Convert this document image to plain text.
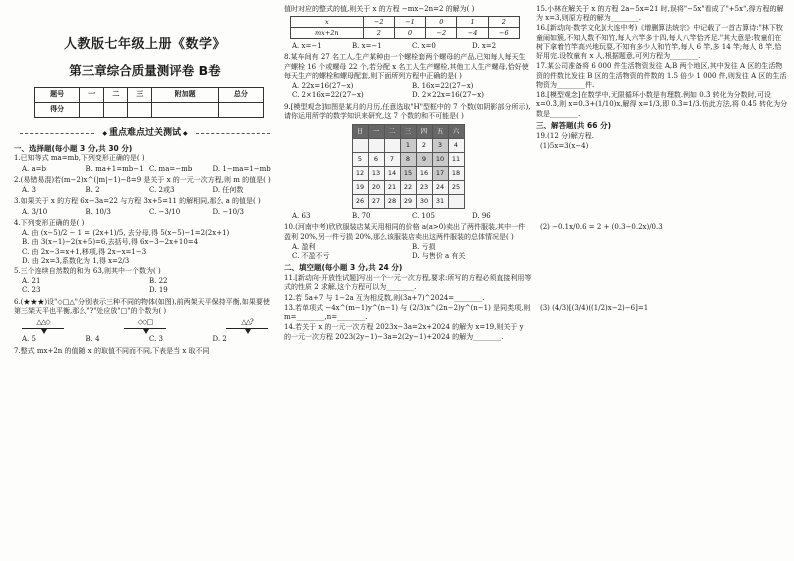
人教版七年级上册《数学》
第三章综合质量测评卷 B卷
题号	一	二	三	附加题	总分
得分					
◆ 重点难点过关测试 ◆
一、选择题(每小题 3 分,共 30 分)
1.已知等式 ma=mb,下列变形正确的是( )
A. a=b	B. ma+1=mb−1 C. ma=−mb	D. 1−ma=1−mb
2.(易错易混)若(m−2)x^(|m|−1)−8=9 是关于 x 的一元一次方程,则 m 的值是( )
A. 3	B. 2	C. 2或3	D. 任何数
3.如果关于 x 的方程 6x−3a=22 与方程 3x+5=11 的解相同,那么 a 的值是( )
A. 3/10	B. 10/3	C. −3/10	D. −10/3
4.下列变形正确的是( )
A. 由 (x−5)/2 − 1 = (2x+1)/5, 去分母,得 5(x−5)−1=2(2x+1)
B. 由 3(x−1)−2(x+5)=6,去括号,得 6x−3−2x+10=4
C. 由 2x−3=x+1,移项,得 2x−x=1−3
D. 由 2x=3,系数化为 1,得 x=2/3
5.三个连续自然数的和为 63,则其中一个数为( )
A. 21	B. 22
C. 23	D. 19
6.(★★★)设"◇□△"分别表示三种不同的物体(如图),前两架天平保持平衡,如果要使第三架天平也平衡,那么"?"处应放"□"的个数为( )
△△◇	◇◇□	△△?
A. 5	B. 4	C. 3	D. 2
7.整式 mx+2n 的值随 x 的取值不同而不同,下表是当 x 取不同
值时对应的整式的值,则关于 x 的方程 −mx−2n=2 的解为( )
x	−2	−1	0	1	2
mx+2n	2	0	−2	−4	−6
A. x=−1	B. x=−1	C. x=0	D. x=2
8.某车间有 27 名工人,生产某种由一个螺栓套两个螺母的产品,已知每人每天生产螺栓 16 个或螺母 22 个,若分配 x 名工人生产螺栓,其他工人生产螺母,恰好使每天生产的螺栓和螺母配套,则下面所列方程中正确的是( )
A. 22x=16(27−x)	B. 16x=22(27−x)
C. 2×16x=22(27−x)	D. 2×22x=16(27−x)
9.[模型观念]如图是某月的月历,任意选取"H"型框中的 7 个数(如阴影部分所示),请你运用所学的数学知识来研究,这 7 个数的和不可能是( )
日	一	二	三	四	五	六
			1	2	3	4
5	6	7	8	9	10	11
12	13	14	15	16	17	18
19	20	21	22	23	24	25
26	27	28	29	30	31	
A. 63	B. 70	C. 105	D. 96
10.(河南中考)欣欣服装店某天用相同的价格 a(a>0)卖出了两件服装,其中一件盈利 20%,另一件亏损 20%,那么该服装店卖出这两件服装的总体情况是( )
A. 盈利	B. 亏损
C. 不盈不亏	D. 与售价 a 有关
二、填空题(每小题 3 分,共 24 分)
11.[新动向·开放性试题]写出一个一元一次方程,要求:所写的方程必须直接利用等式的性质 2 求解,这个方程可以为________.
12.若 5a+7 与 1−2a 互为相反数,则(3a+7)^2024=________.
13.若单项式 −4x^(m−1)y^(n−1) 与 (2/3)x^(2n−2)y^(n−1) 是同类项,则 m=________,n=________.
14.若关于 x 的一元一次方程 2023x−3a=2x+2024 的解为 x=19,则关于 y 的一元一次方程 2023(2y−1)−3a=2(2y−1)+2024 的解为________.
15.小林在解关于 x 的方程 2a−5x=21 时,误将"−5x"看成了"+5x",得方程的解为 x=3,则原方程的解为________.
16.[新动向·数学文化](大连中考)《增删算法统宗》中记载了一首古算诗:"林下牧童闹如簇,不知人数不知竹,每人六竿多十四,每人八竿恰齐足."其大意是:牧童们在树下拿着竹竿高兴地玩耍,不知有多少人和竹竿,每人 6 竿,多 14 竿;每人 8 竿,恰好用完.设牧童有 x 人,根据题意,可列方程为________.
17.某公司准备将 6 000 件生活物资发往 A,B 两个地区,其中发往 A 区的生活物资的件数比发往 B 区的生活物资的件数的 1.5 倍少 1 000 件,则发往 A 区的生活物资为________件.
18.[模型观念]在数学中,无限循环小数是有理数.例如 0.3̇ 转化为分数时,可设 x=0.3̇,则 x=0.3+(1/10)x,解得 x=1/3,即 0.3̇=1/3.仿此方法,将 0.4̇5̇ 转化为分数是________.
三、解答题(共 66 分)
19.(12 分)解方程.
(1)5x=3(x−4)
(2) −0.1x/0.6 = 2 + (0.3−0.2x)/0.3
(3) (4/3)[(3/4)((1/2)x−2)−6]=1
